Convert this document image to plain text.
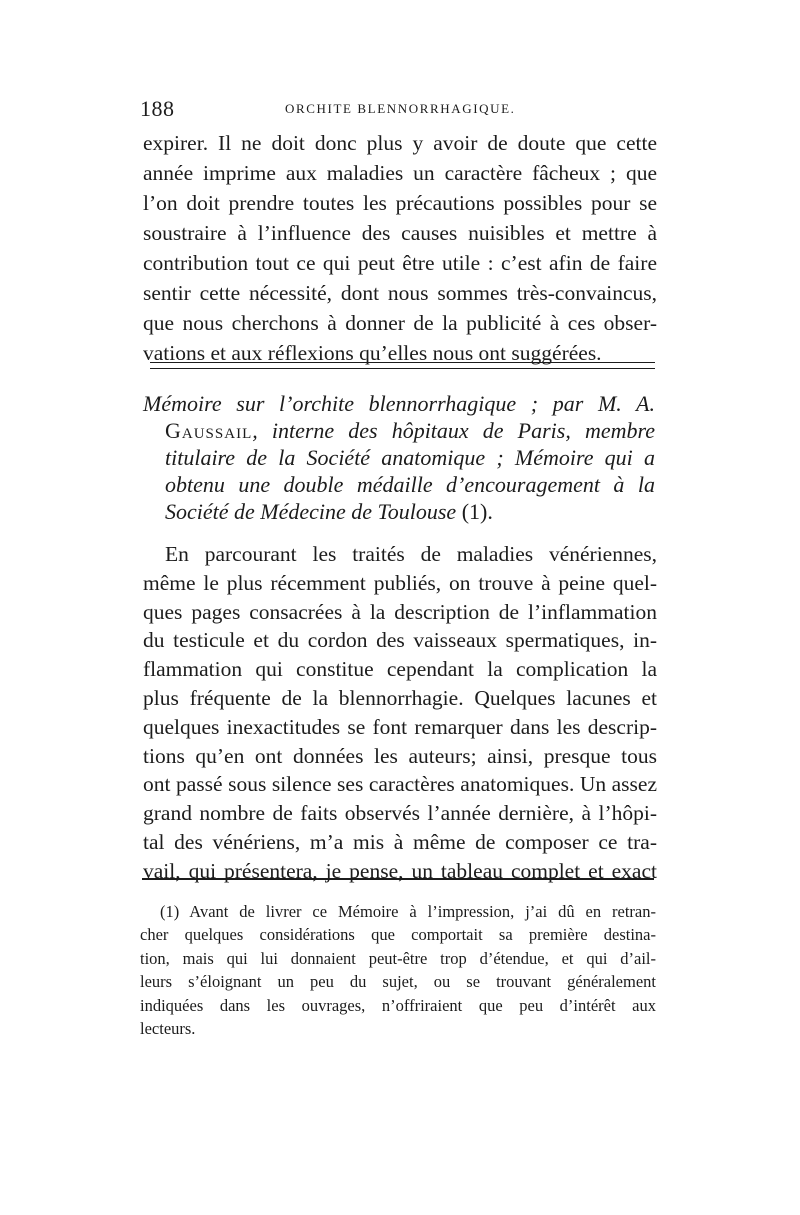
188	ORCHITE BLENNORRHAGIQUE.
expirer. Il ne doit donc plus y avoir de doute que cette
année imprime aux maladies un caractère fâcheux ; que
l’on doit prendre toutes les précautions possibles pour se
soustraire à l’influence des causes nuisibles et mettre à
contribution tout ce qui peut être utile : c’est afin de faire
sentir cette nécessité, dont nous sommes très-convaincus,
que nous cherchons à donner de la publicité à ces obser-
vations et aux réflexions qu’elles nous ont suggérées.
Mémoire sur l’orchite blennorrhagique ; par M. A.
Gaussail, interne des hôpitaux de Paris, membre
titulaire de la Société anatomique ; Mémoire qui a
obtenu une double médaille d’encouragement à la
Société de Médecine de Toulouse (1).
En parcourant les traités de maladies vénériennes,
même le plus récemment publiés, on trouve à peine quel-
ques pages consacrées à la description de l’inflammation
du testicule et du cordon des vaisseaux spermatiques, in-
flammation qui constitue cependant la complication la
plus fréquente de la blennorrhagie. Quelques lacunes et
quelques inexactitudes se font remarquer dans les descrip-
tions qu’en ont données les auteurs; ainsi, presque tous
ont passé sous silence ses caractères anatomiques. Un assez
grand nombre de faits observés l’année dernière, à l’hôpi-
tal des vénériens, m’a mis à même de composer ce tra-
vail, qui présentera, je pense, un tableau complet et exact
(1) Avant de livrer ce Mémoire à l’impression, j’ai dû en retran-
cher quelques considérations que comportait sa première destina-
tion, mais qui lui donnaient peut-être trop d’étendue, et qui d’ail-
leurs s’éloignant un peu du sujet, ou se trouvant généralement
indiquées dans les ouvrages, n’offriraient que peu d’intérêt aux
lecteurs.
